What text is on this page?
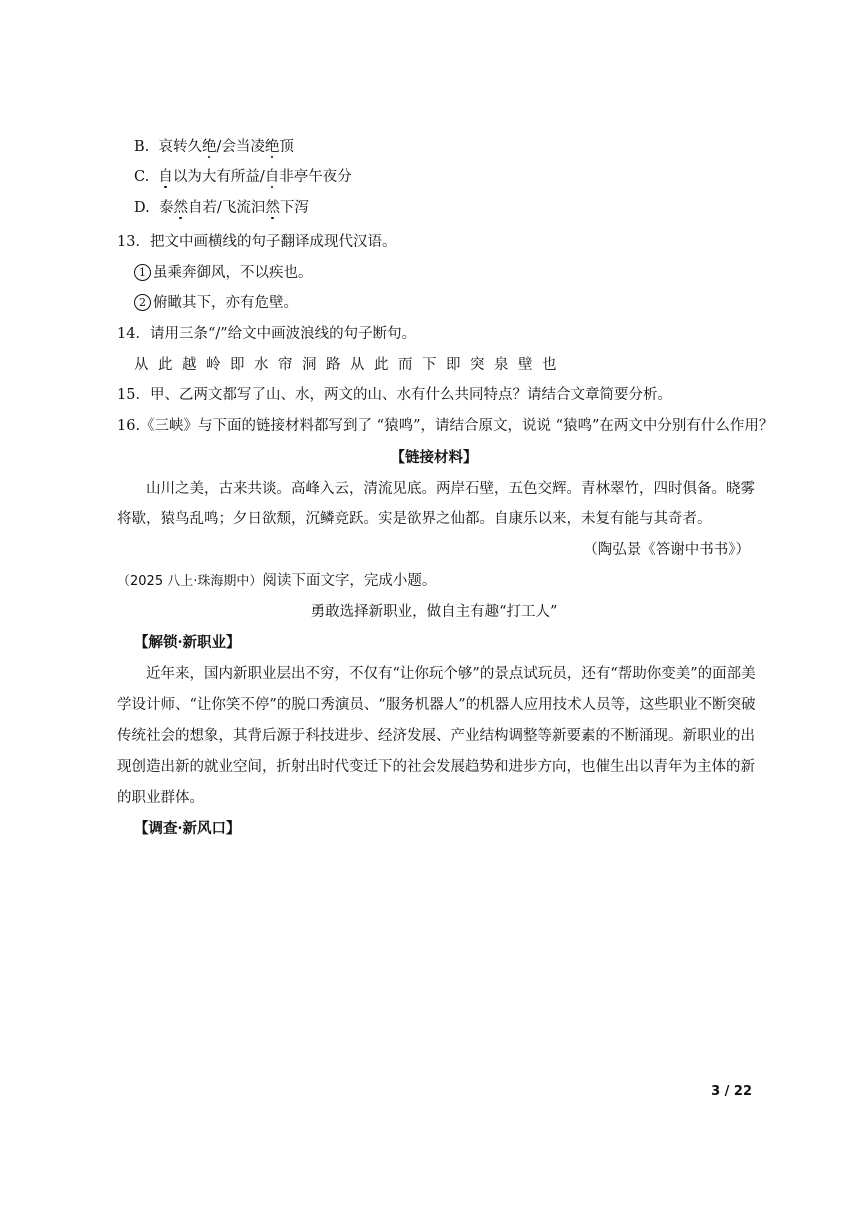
B. 哀转久绝/会当凌绝顶
C. 自以为大有所益/自非亭午夜分
D. 泰然自若/飞流汩然下泻
13．把文中画横线的句子翻译成现代汉语。
1 虽乘奔御风，不以疾也。
2 俯瞰其下，亦有危壁。
14．请用三条“/”给文中画波浪线的句子断句。
从此越岭即水帘洞路从此而下即突泉壁也
15．甲、乙两文都写了山、水，两文的山、水有什么共同特点？请结合文章简要分析。
16.《三峡》与下面的链接材料都写到了 “猿鸣”，请结合原文，说说 “猿鸣”在两文中分别有什么作用？
【链接材料】
山川之美，古来共谈。高峰入云，清流见底。两岸石壁，五色交辉。青林翠竹，四时俱备。晓雾
将歇，猿鸟乱鸣；夕日欲颓，沉鳞竞跃。实是欲界之仙都。自康乐以来，未复有能与其奇者。
（陶弘景《答谢中书书》）
（2025 八上·珠海期中）阅读下面文字，完成小题。
勇敢选择新职业，做自主有趣“打工人”
【解锁·新职业】
近年来，国内新职业层出不穷，不仅有“让你玩个够”的景点试玩员，还有“帮助你变美”的面部美
学设计师、“让你笑不停”的脱口秀演员、“服务机器人”的机器人应用技术人员等，这些职业不断突破
传统社会的想象，其背后源于科技进步、经济发展、产业结构调整等新要素的不断涌现。新职业的出
现创造出新的就业空间，折射出时代变迁下的社会发展趋势和进步方向，也催生出以青年为主体的新
的职业群体。
【调查·新风口】
3 / 22
